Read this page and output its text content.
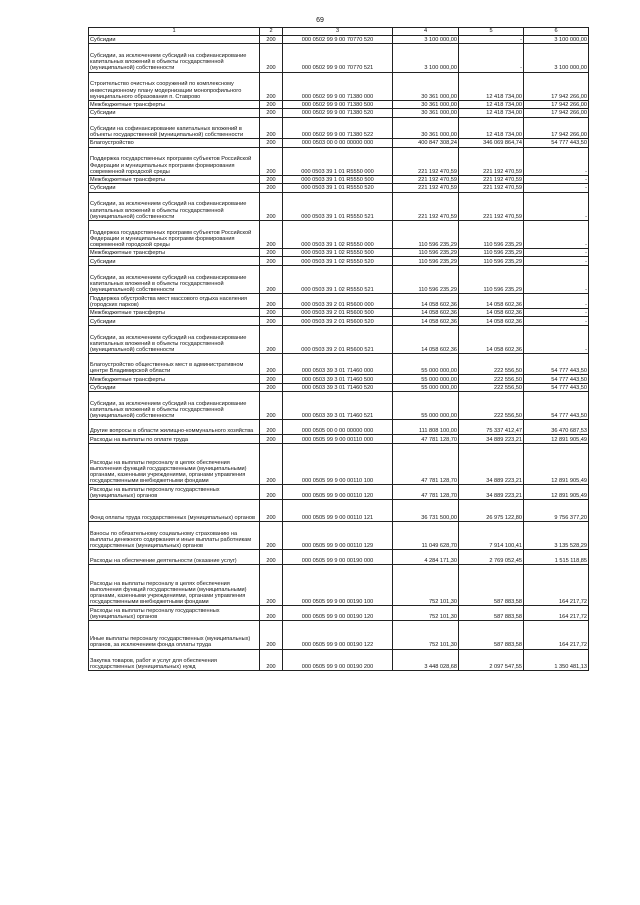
69
1	2	3	4	5	6
Субсидии	200	000 0502 99 9 00 70770 520	3 100 000,00	-	3 100 000,00
Субсидии, за исключением субсидий на софинансирование капитальных вложений в объекты государственной (муниципальной) собственности	200	000 0502 99 9 00 70770 521	3 100 000,00	-	3 100 000,00
Строительство очистных сооружений по комплексному инвестиционному плану модернизации монопрофильного муниципального образования п. Ставрово	200	000 0502 99 9 00 71380 000	30 361 000,00	12 418 734,00	17 942 266,00
Межбюджетные трансферты	200	000 0502 99 9 00 71380 500	30 361 000,00	12 418 734,00	17 942 266,00
Субсидии	200	000 0502 99 9 00 71380 520	30 361 000,00	12 418 734,00	17 942 266,00
Субсидии на софинансирование капитальных вложений в объекты государственной (муниципальной) собственности	200	000 0502 99 9 00 71380 522	30 361 000,00	12 418 734,00	17 942 266,00
Благоустройство	200	000 0503 00 0 00 00000 000	400 847 308,24	346 069 864,74	54 777 443,50
Поддержка государственных программ субъектов Российской Федерации и муниципальных программ формирования современной городской среды	200	000 0503 39 1 01 R5550 000	221 192 470,59	221 192 470,59	-
Межбюджетные трансферты	200	000 0503 39 1 01 R5550 500	221 192 470,59	221 192 470,59	-
Субсидии	200	000 0503 39 1 01 R5550 520	221 192 470,59	221 192 470,59	-
Субсидии, за исключением субсидий на софинансирование капитальных вложений в объекты государственной (муниципальной) собственности	200	000 0503 39 1 01 R5550 521	221 192 470,59	221 192 470,59	-
Поддержка государственных программ субъектов Российской Федерации и муниципальных программ формирования современной городской среды	200	000 0503 39 1 02 R5550 000	110 596 235,29	110 596 235,29	-
Межбюджетные трансферты	200	000 0503 39 1 02 R5550 500	110 596 235,29	110 596 235,29	-
Субсидии	200	000 0503 39 1 02 R5550 520	110 596 235,29	110 596 235,29	-
Субсидии, за исключением субсидий на софинансирование капитальных вложений в объекты государственной (муниципальной) собственности	200	000 0503 39 1 02 R5550 521	110 596 235,29	110 596 235,29	-
Поддержка обустройства мест массового отдыха населения (городских парков)	200	000 0503 39 2 01 R5600 000	14 058 602,36	14 058 602,36	-
Межбюджетные трансферты	200	000 0503 39 2 01 R5600 500	14 058 602,36	14 058 602,36	-
Субсидии	200	000 0503 39 2 01 R5600 520	14 058 602,36	14 058 602,36	-
Субсидии, за исключением субсидий на софинансирование капитальных вложений в объекты государственной (муниципальной) собственности	200	000 0503 39 2 01 R5600 521	14 058 602,36	14 058 602,36	-
Благоустройство общественных мест в административном центре Владимирской области	200	000 0503 39 3 01 71460 000	55 000 000,00	222 556,50	54 777 443,50
Межбюджетные трансферты	200	000 0503 39 3 01 71460 500	55 000 000,00	222 556,50	54 777 443,50
Субсидии	200	000 0503 39 3 01 71460 520	55 000 000,00	222 556,50	54 777 443,50
Субсидии, за исключением субсидий на софинансирование капитальных вложений в объекты государственной (муниципальной) собственности	200	000 0503 39 3 01 71460 521	55 000 000,00	222 556,50	54 777 443,50
Другие вопросы в области жилищно-коммунального хозяйства	200	000 0505 00 0 00 00000 000	111 808 100,00	75 337 412,47	36 470 687,53
Расходы на выплаты по оплате труда	200	000 0505 99 9 00 00110 000	47 781 128,70	34 889 223,21	12 891 905,49
Расходы на выплаты персоналу в целях обеспечения выполнения функций государственными (муниципальными) органами, казенными учреждениями, органами управления государственными внебюджетными фондами	200	000 0505 99 9 00 00110 100	47 781 128,70	34 889 223,21	12 891 905,49
Расходы на выплаты персоналу государственных (муниципальных) органов	200	000 0505 99 9 00 00110 120	47 781 128,70	34 889 223,21	12 891 905,49
Фонд оплаты труда государственных (муниципальных) органов	200	000 0505 99 9 00 00110 121	36 731 500,00	26 975 122,80	9 756 377,20
Взносы по обязательному социальному страхованию на выплаты денежного содержания и иные выплаты работникам государственных (муниципальных) органов	200	000 0505 99 9 00 00110 129	11 049 628,70	7 914 100,41	3 135 528,29
Расходы на обеспечение деятельности (оказание услуг)	200	000 0505 99 9 00 00190 000	4 284 171,30	2 769 052,45	1 515 118,85
Расходы на выплаты персоналу в целях обеспечения выполнения функций государственными (муниципальными) органами, казенными учреждениями, органами управления государственными внебюджетными фондами	200	000 0505 99 9 00 00190 100	752 101,30	587 883,58	164 217,72
Расходы на выплаты персоналу государственных (муниципальных) органов	200	000 0505 99 9 00 00190 120	752 101,30	587 883,58	164 217,72
Иные выплаты персоналу государственных (муниципальных) органов, за исключением фонда оплаты труда	200	000 0505 99 9 00 00190 122	752 101,30	587 883,58	164 217,72
Закупка товаров, работ и услуг для обеспечения государственных (муниципальных) нужд	200	000 0505 99 9 00 00190 200	3 448 028,68	2 097 547,55	1 350 481,13
